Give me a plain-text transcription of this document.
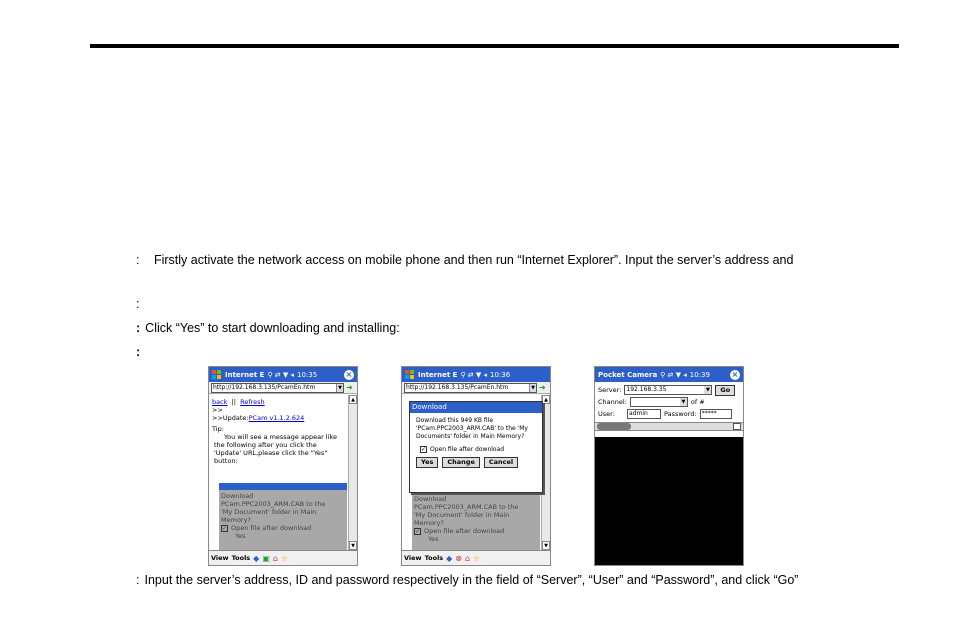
: Firstly activate the network access on mobile phone and then run “Internet Explorer”. Input the server’s address and
:
: Click “Yes” to start downloading and installing:
:
: Input the server’s address, ID and password respectively in the field of “Server”, “User” and “Password”, and click “Go”
Internet E ⚲ ⇄ ▼ ◂ 10:35	×
http://192.168.3.135/PcamEn.htm	▼ ➜
back || Refresh
>>
>>Update:PCam v1.1.2.624
Tip:
You will see a message appear like the following after you click the 'Update' URL,please click the "Yes" button:
Download
PCam.PPC2003_ARM.CAB to the
'My Document' folder in Main
Memory?
✓ Open file after download
Yes
▲
▼
View Tools ◆ ▣ ⌂ ☆
Internet E ⚲ ⇄ ▼ ◂ 10:36
http://192.168.3.135/PcamEn.htm	▼ ➜
Download
PCam.PPC2003_ARM.CAB to the
'My Document' folder in Main
Memory?
✓ Open file after download
Yes
▲
▼
Download
Download this 949 KB file 'PCam.PPC2003_ARM.CAB' to the 'My Documents' folder in Main Memory?
✓ Open file after download
Yes	Change	Cancel
View Tools ◆ ⊗ ⌂ ☆
Pocket Camera ⚲ ⇄ ▼ ◂ 10:39	×
Server: 192.168.3.35	▼	Go
Channel:	▼ of #
User:	admin	Password: *****
